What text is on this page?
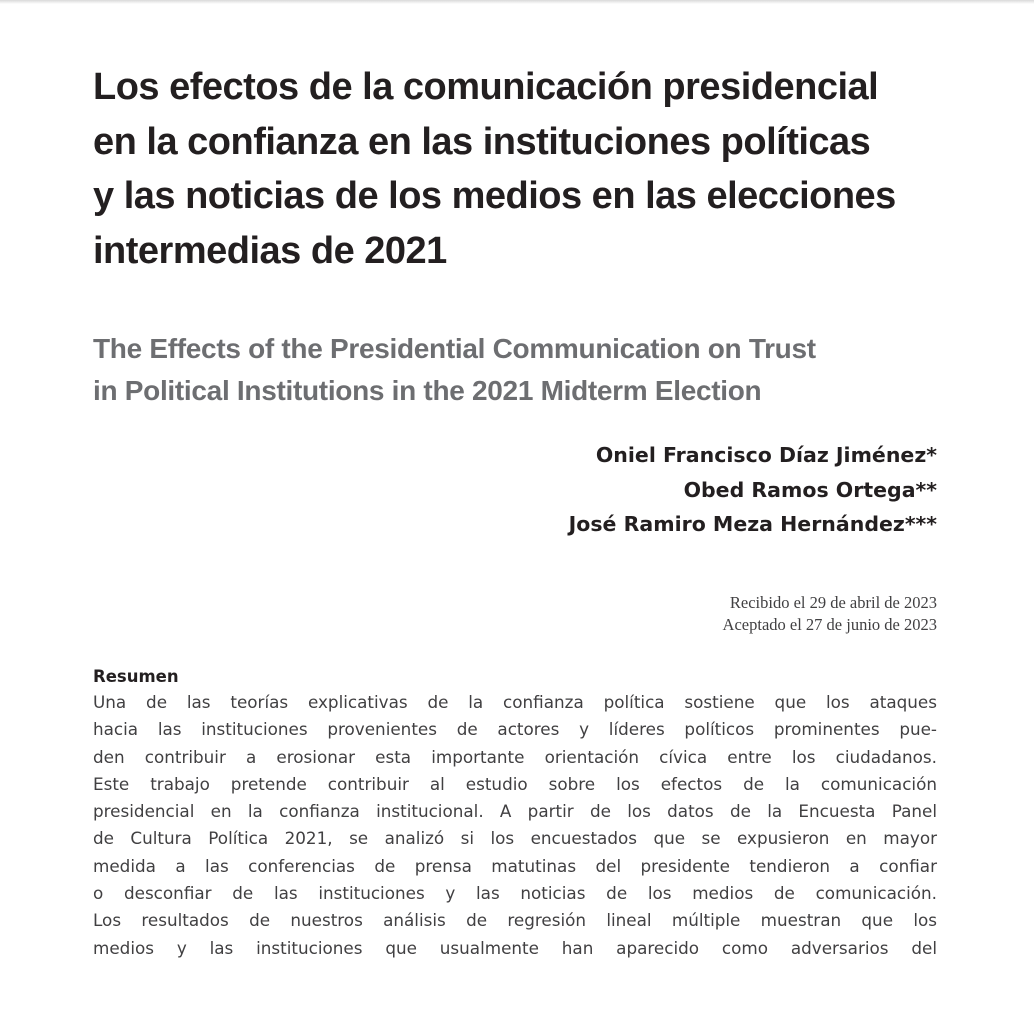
Los efectos de la comunicación presidencial
en la confianza en las instituciones políticas
y las noticias de los medios en las elecciones
intermedias de 2021
The Effects of the Presidential Communication on Trust
in Political Institutions in the 2021 Midterm Election
Oniel Francisco Díaz Jiménez*
Obed Ramos Ortega**
José Ramiro Meza Hernández***
Recibido el 29 de abril de 2023
Aceptado el 27 de junio de 2023
Resumen
Una de las teorías explicativas de la confianza política sostiene que los ataques
hacia las instituciones provenientes de actores y líderes políticos prominentes pue-
den contribuir a erosionar esta importante orientación cívica entre los ciudadanos.
Este trabajo pretende contribuir al estudio sobre los efectos de la comunicación
presidencial en la confianza institucional. A partir de los datos de la Encuesta Panel
de Cultura Política 2021, se analizó si los encuestados que se expusieron en mayor
medida a las conferencias de prensa matutinas del presidente tendieron a confiar
o desconfiar de las instituciones y las noticias de los medios de comunicación.
Los resultados de nuestros análisis de regresión lineal múltiple muestran que los
medios y las instituciones que usualmente han aparecido como adversarios del
